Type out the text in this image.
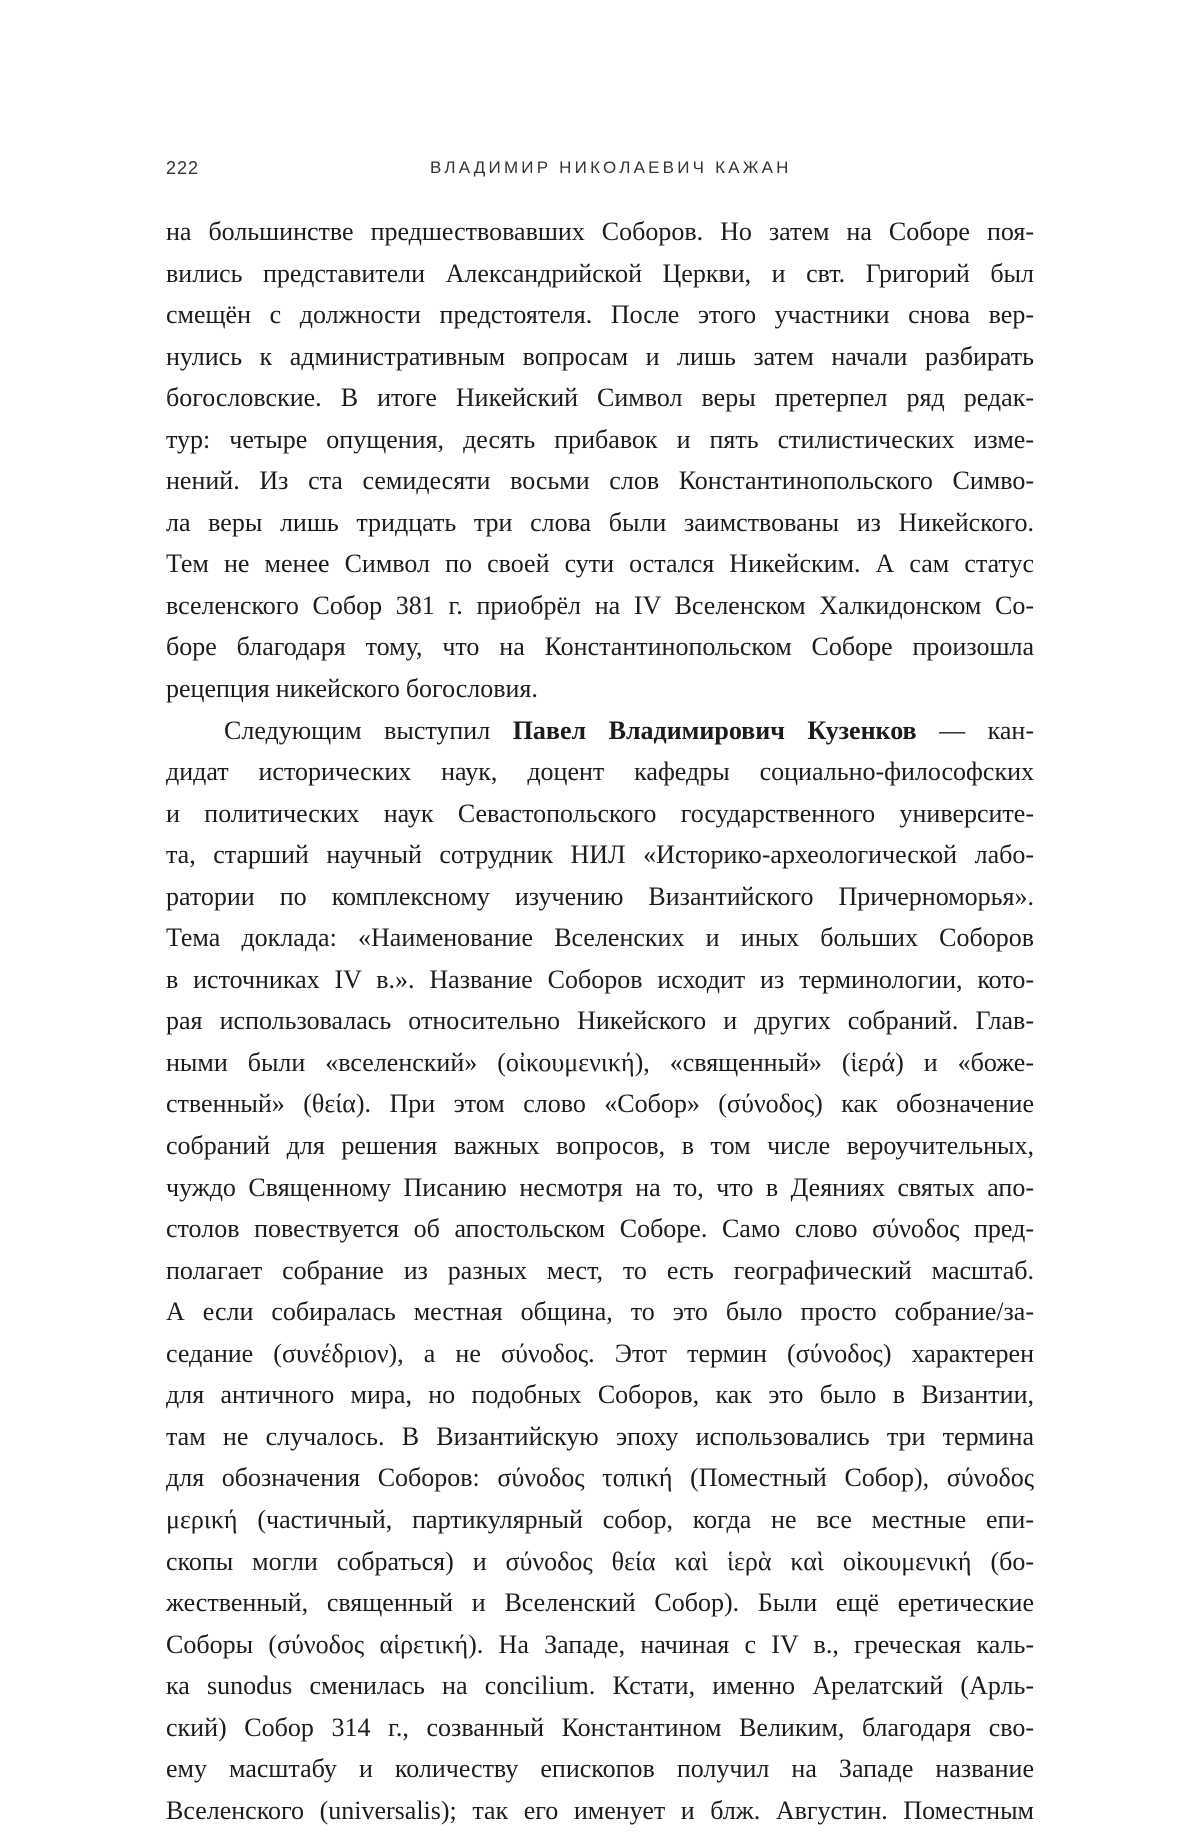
222	ВЛАДИМИР НИКОЛАЕВИЧ КАЖАН
на большинстве предшествовавших Соборов. Но затем на Соборе поя-
вились представители Александрийской Церкви, и свт. Григорий был
смещён с должности предстоятеля. После этого участники снова вер-
нулись к административным вопросам и лишь затем начали разбирать
богословские. В итоге Никейский Символ веры претерпел ряд редак-
тур: четыре опущения, десять прибавок и пять стилистических изме-
нений. Из ста семидесяти восьми слов Константинопольского Симво-
ла веры лишь тридцать три слова были заимствованы из Никейского.
Тем не менее Символ по своей сути остался Никейским. А сам статус
вселенского Собор 381 г. приобрёл на IV Вселенском Халкидонском Со-
боре благодаря тому, что на Константинопольском Соборе произошла
рецепция никейского богословия.
Следующим выступил Павел Владимирович Кузенков — кан-
дидат исторических наук, доцент кафедры социально-философских
и политических наук Севастопольского государственного университе-
та, старший научный сотрудник НИЛ «Историко-археологической лабо-
ратории по комплексному изучению Византийского Причерноморья».
Тема доклада: «Наименование Вселенских и иных больших Соборов
в источниках IV в.». Название Соборов исходит из терминологии, кото-
рая использовалась относительно Никейского и других собраний. Глав-
ными были «вселенский» (οἰκουμενική), «священный» (ἱερά) и «боже-
ственный» (θεία). При этом слово «Собор» (σύνοδος) как обозначение
собраний для решения важных вопросов, в том числе вероучительных,
чуждо Священному Писанию несмотря на то, что в Деяниях святых апо-
столов повествуется об апостольском Соборе. Само слово σύνοδος пред-
полагает собрание из разных мест, то есть географический масштаб.
А если собиралась местная община, то это было просто собрание/за-
седание (συνέδριον), а не σύνοδος. Этот термин (σύνοδος) характерен
для античного мира, но подобных Соборов, как это было в Византии,
там не случалось. В Византийскую эпоху использовались три термина
для обозначения Соборов: σύνοδος τοπική (Поместный Собор), σύνοδος
μερική (частичный, партикулярный собор, когда не все местные епи-
скопы могли собраться) и σύνοδος θεία καὶ ἱερὰ καὶ οἰκουμενική (бо-
жественный, священный и Вселенский Собор). Были ещё еретические
Соборы (σύνοδος αἱρετική). На Западе, начиная с IV в., греческая каль-
ка sunodus сменилась на concilium. Кстати, именно Арелатский (Арль-
ский) Собор 314 г., созванный Константином Великим, благодаря сво-
ему масштабу и количеству епископов получил на Западе название
Вселенского (universalis); так его именует и блж. Августин. Поместным
